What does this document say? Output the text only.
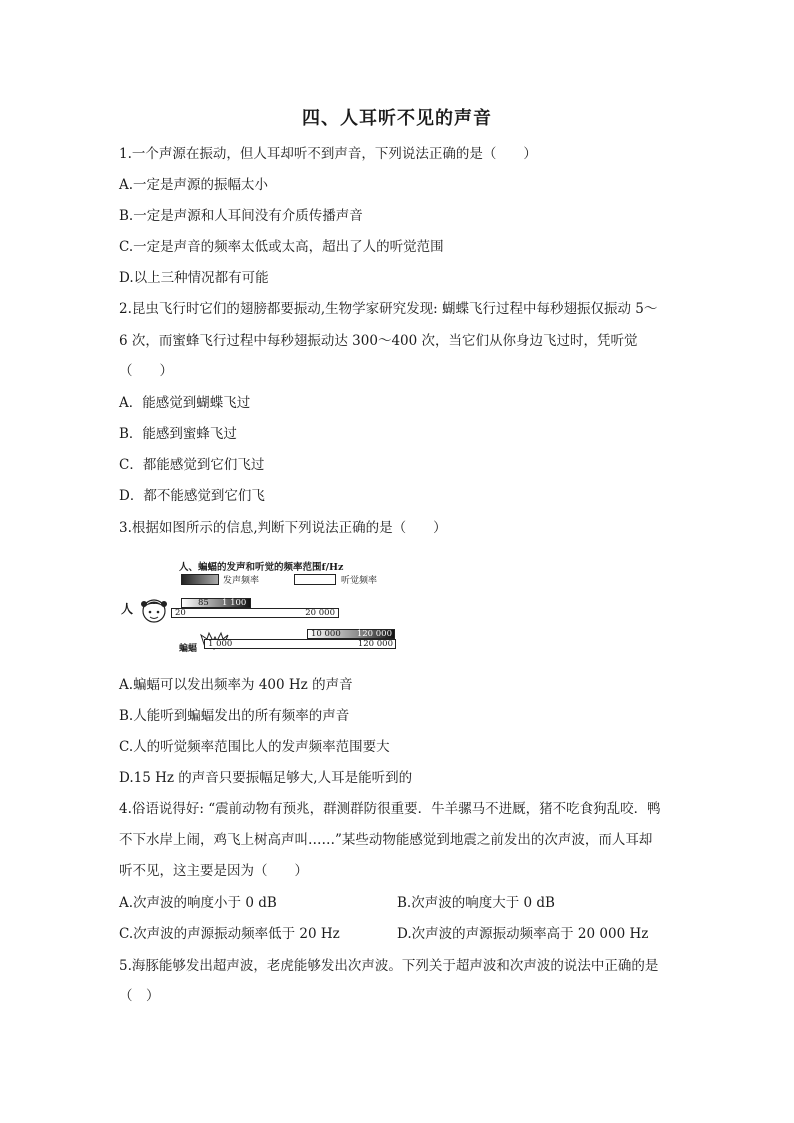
四、人耳听不见的声音
1.一个声源在振动，但人耳却听不到声音，下列说法正确的是（　　）
A.一定是声源的振幅太小
B.一定是声源和人耳间没有介质传播声音
C.一定是声音的频率太低或太高，超出了人的听觉范围
D.以上三种情况都有可能
2.昆虫飞行时它们的翅膀都要振动,生物学家研究发现: 蝴蝶飞行过程中每秒翅振仅振动 5～
6 次，而蜜蜂飞行过程中每秒翅振动达 300～400 次，当它们从你身边飞过时，凭听觉
（　　）
A．能感觉到蝴蝶飞过
B．能感到蜜蜂飞过
C．都能感觉到它们飞过
D．都不能感觉到它们飞
3.根据如图所示的信息,判断下列说法正确的是（　　）
人、蝙蝠的发声和听觉的频率范围f/Hz
发声频率	听觉频率
人	85 1 100
20	20 000
蝙蝠
10 000 120 000
1 000	120 000
A.蝙蝠可以发出频率为 400 Hz 的声音
B.人能听到蝙蝠发出的所有频率的声音
C.人的听觉频率范围比人的发声频率范围要大
D.15 Hz 的声音只要振幅足够大,人耳是能听到的
4.俗语说得好: “震前动物有预兆，群测群防很重要．牛羊骡马不进厩，猪不吃食狗乱咬．鸭
不下水岸上闹，鸡飞上树高声叫……”某些动物能感觉到地震之前发出的次声波，而人耳却
听不见，这主要是因为（　　）
A.次声波的响度小于 0 dB	B.次声波的响度大于 0 dB
C.次声波的声源振动频率低于 20 Hz	D.次声波的声源振动频率高于 20 000 Hz
5.海豚能够发出超声波，老虎能够发出次声波。下列关于超声波和次声波的说法中正确的是
（　）
